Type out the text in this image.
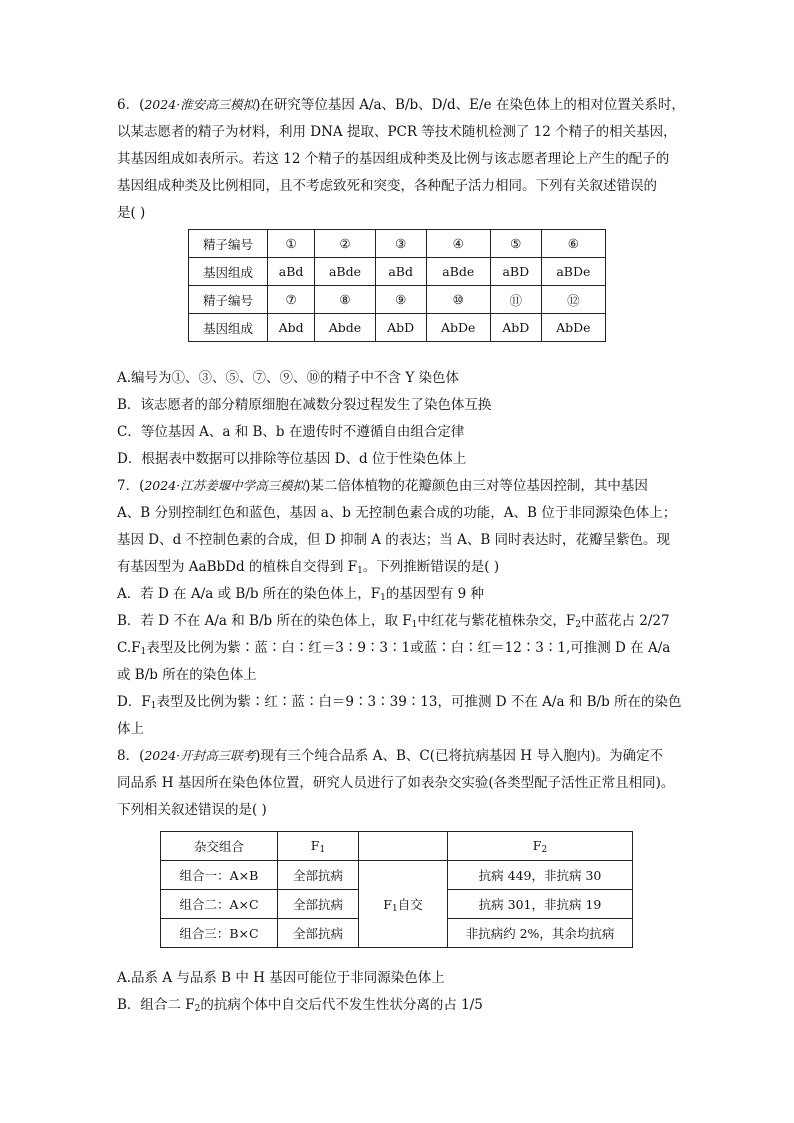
6．(2024·淮安高三模拟)在研究等位基因 A/a、B/b、D/d、E/e 在染色体上的相对位置关系时，
以某志愿者的精子为材料，利用 DNA 提取、PCR 等技术随机检测了 12 个精子的相关基因，
其基因组成如表所示。若这 12 个精子的基因组成种类及比例与该志愿者理论上产生的配子的
基因组成种类及比例相同，且不考虑致死和突变，各种配子活力相同。下列有关叙述错误的
是( )
精子编号	①	②	③	④	⑤	⑥
基因组成	aBd	aBde	aBd	aBde	aBD	aBDe
精子编号	⑦	⑧	⑨	⑩	⑪	⑫
基因组成	Abd	Abde	AbD	AbDe	AbD	AbDe
A.编号为①、③、⑤、⑦、⑨、⑩的精子中不含 Y 染色体
B．该志愿者的部分精原细胞在减数分裂过程发生了染色体互换
C．等位基因 A、a 和 B、b 在遗传时不遵循自由组合定律
D．根据表中数据可以排除等位基因 D、d 位于性染色体上
7．(2024·江苏姜堰中学高三模拟)某二倍体植物的花瓣颜色由三对等位基因控制，其中基因
A、B 分别控制红色和蓝色，基因 a、b 无控制色素合成的功能，A、B 位于非同源染色体上；
基因 D、d 不控制色素的合成，但 D 抑制 A 的表达；当 A、B 同时表达时，花瓣呈紫色。现
有基因型为 AaBbDd 的植株自交得到 $F_1$。下列推断错误的是( )
A．若 D 在 A/a 或 B/b 所在的染色体上，$F_1$的基因型有 9 种
B．若 D 不在 A/a 和 B/b 所在的染色体上，取 $F_1$中红花与紫花植株杂交，$F_2$中蓝花占 2/27
$C.F_1$表型及比例为紫∶蓝∶白∶红＝3∶9∶3∶1或蓝∶白∶红＝12∶3∶1,可推测 D 在 A/a
或 B/b 所在的染色体上
D．$F_1$表型及比例为紫∶红∶蓝∶白＝9∶3∶39∶13，可推测 D 不在 A/a 和 B/b 所在的染色
体上
8．(2024·开封高三联考)现有三个纯合品系 A、B、C(已将抗病基因 H 导入胞内)。为确定不
同品系 H 基因所在染色体位置，研究人员进行了如表杂交实验(各类型配子活性正常且相同)。
下列相关叙述错误的是( )
杂交组合	$F_1$		$F_2$
组合一：A×B	全部抗病	$F_1$自交	抗病 449，非抗病 30
组合二：A×C	全部抗病		抗病 301，非抗病 19
组合三：B×C	全部抗病		非抗病约 2%，其余均抗病
A.品系 A 与品系 B 中 H 基因可能位于非同源染色体上
B．组合二 $F_2$的抗病个体中自交后代不发生性状分离的占 1/5
